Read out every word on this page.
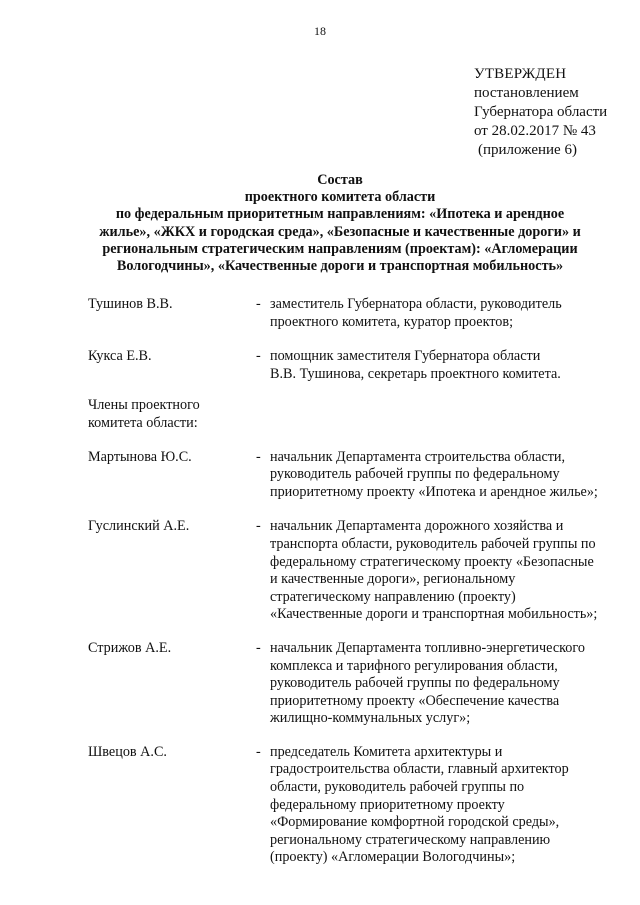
18
УТВЕРЖДЕН
постановлением
Губернатора области
от 28.02.2017 № 43
(приложение 6)
Состав
проектного комитета области
по федеральным приоритетным направлениям: «Ипотека и арендное
жилье», «ЖКХ и городская среда», «Безопасные и качественные дороги» и
региональным стратегическим направлениям (проектам): «Агломерации
Вологодчины», «Качественные дороги и транспортная мобильность»
Тушинов В.В.	- заместитель Губернатора области, руководитель
проектного комитета, куратор проектов;
Кукса Е.В.	- помощник заместителя Губернатора области
В.В. Тушинова, секретарь проектного комитета.
Члены проектного
комитета области:
Мартынова Ю.С.	- начальник Департамента строительства области,
руководитель рабочей группы по федеральному
приоритетному проекту «Ипотека и арендное жилье»;
Гуслинский А.Е.	- начальник Департамента дорожного хозяйства и
транспорта области, руководитель рабочей группы по
федеральному стратегическому проекту «Безопасные
и качественные дороги», региональному
стратегическому направлению (проекту)
«Качественные дороги и транспортная мобильность»;
Стрижов А.Е.	- начальник Департамента топливно-энергетического
комплекса и тарифного регулирования области,
руководитель рабочей группы по федеральному
приоритетному проекту «Обеспечение качества
жилищно-коммунальных услуг»;
Швецов А.С.	- председатель Комитета архитектуры и
градостроительства области, главный архитектор
области, руководитель рабочей группы по
федеральному приоритетному проекту
«Формирование комфортной городской среды»,
региональному стратегическому направлению
(проекту) «Агломерации Вологодчины»;
